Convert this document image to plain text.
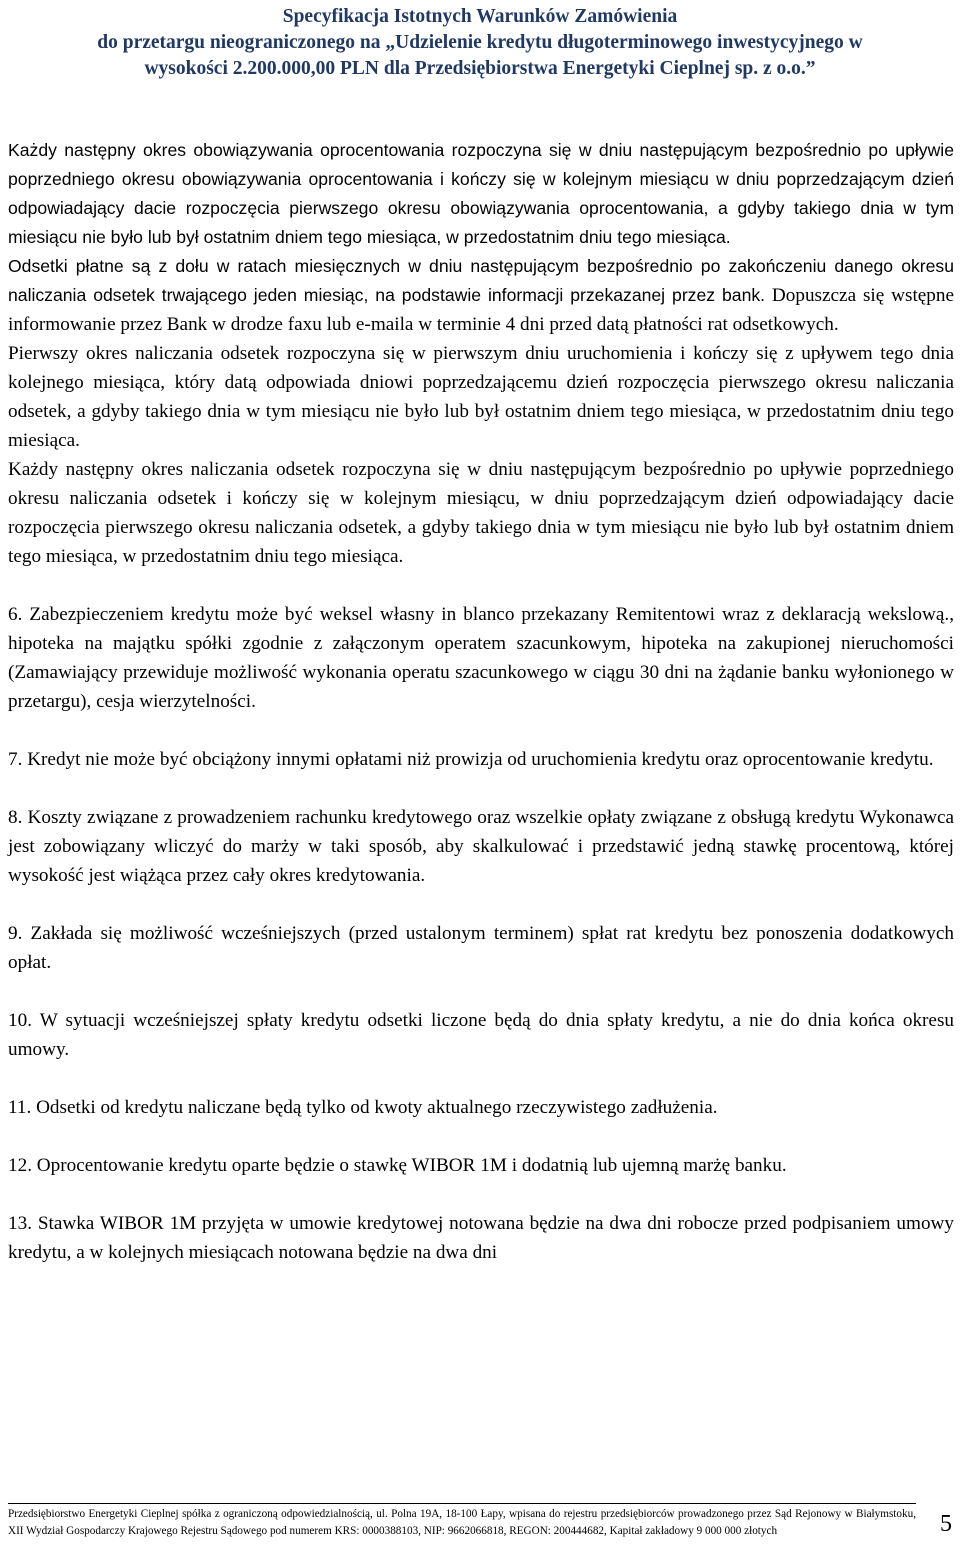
Specyfikacja Istotnych Warunków Zamówienia
do przetargu nieograniczonego na „Udzielenie kredytu długoterminowego inwestycyjnego w
wysokości 2.200.000,00 PLN dla Przedsiębiorstwa Energetyki Cieplnej sp. z o.o.”

Każdy następny okres obowiązywania oprocentowania rozpoczyna się w dniu następującym bezpośrednio po upływie poprzedniego okresu obowiązywania oprocentowania i kończy się w kolejnym miesiącu w dniu poprzedzającym dzień odpowiadający dacie rozpoczęcia pierwszego okresu obowiązywania oprocentowania, a gdyby takiego dnia w tym miesiącu nie było lub był ostatnim dniem tego miesiąca, w przedostatnim dniu tego miesiąca.

Odsetki płatne są z dołu w ratach miesięcznych w dniu następującym bezpośrednio po zakończeniu danego okresu naliczania odsetek trwającego jeden miesiąc, na podstawie informacji przekazanej przez bank. Dopuszcza się wstępne informowanie przez Bank w drodze faxu lub e-maila w terminie 4 dni przed datą płatności rat odsetkowych.

Pierwszy okres naliczania odsetek rozpoczyna się w pierwszym dniu uruchomienia i kończy się z upływem tego dnia kolejnego miesiąca, który datą odpowiada dniowi poprzedzającemu dzień rozpoczęcia pierwszego okresu naliczania odsetek, a gdyby takiego dnia w tym miesiącu nie było lub był ostatnim dniem tego miesiąca, w przedostatnim dniu tego miesiąca.

Każdy następny okres naliczania odsetek rozpoczyna się w dniu następującym bezpośrednio po upływie poprzedniego okresu naliczania odsetek i kończy się w kolejnym miesiącu, w dniu poprzedzającym dzień odpowiadający dacie rozpoczęcia pierwszego okresu naliczania odsetek, a gdyby takiego dnia w tym miesiącu nie było lub był ostatnim dniem tego miesiąca, w przedostatnim dniu tego miesiąca.

6. Zabezpieczeniem kredytu może być weksel własny in blanco przekazany Remitentowi wraz z deklaracją wekslową., hipoteka na majątku spółki zgodnie z załączonym operatem szacunkowym, hipoteka na zakupionej nieruchomości (Zamawiający przewiduje możliwość wykonania operatu szacunkowego w ciągu 30 dni na żądanie banku wyłonionego w przetargu), cesja wierzytelności.

7. Kredyt nie może być obciążony innymi opłatami niż prowizja od uruchomienia kredytu oraz oprocentowanie kredytu.

8. Koszty związane z prowadzeniem rachunku kredytowego oraz wszelkie opłaty związane z obsługą kredytu Wykonawca jest zobowiązany wliczyć do marży w taki sposób, aby skalkulować i przedstawić jedną stawkę procentową, której wysokość jest wiążąca przez cały okres kredytowania.

9. Zakłada się możliwość wcześniejszych (przed ustalonym terminem) spłat rat kredytu bez ponoszenia dodatkowych opłat.

10. W sytuacji wcześniejszej spłaty kredytu odsetki liczone będą do dnia spłaty kredytu, a nie do dnia końca okresu umowy.

11. Odsetki od kredytu naliczane będą tylko od kwoty aktualnego rzeczywistego zadłużenia.

12. Oprocentowanie kredytu oparte będzie o stawkę WIBOR 1M i dodatnią lub ujemną marżę banku.

13. Stawka WIBOR 1M przyjęta w umowie kredytowej notowana będzie na dwa dni robocze przed podpisaniem umowy kredytu, a w kolejnych miesiącach notowana będzie na dwa dni

Przedsiębiorstwo Energetyki Cieplnej spółka z ograniczoną odpowiedzialnością, ul. Polna 19A, 18-100 Łapy, wpisana do rejestru przedsiębiorców prowadzonego przez Sąd Rejonowy w Białymstoku, XII Wydział Gospodarczy Krajowego Rejestru Sądowego pod numerem KRS: 0000388103, NIP: 9662066818, REGON: 200444682, Kapitał zakładowy 9 000 000 złotych	5
